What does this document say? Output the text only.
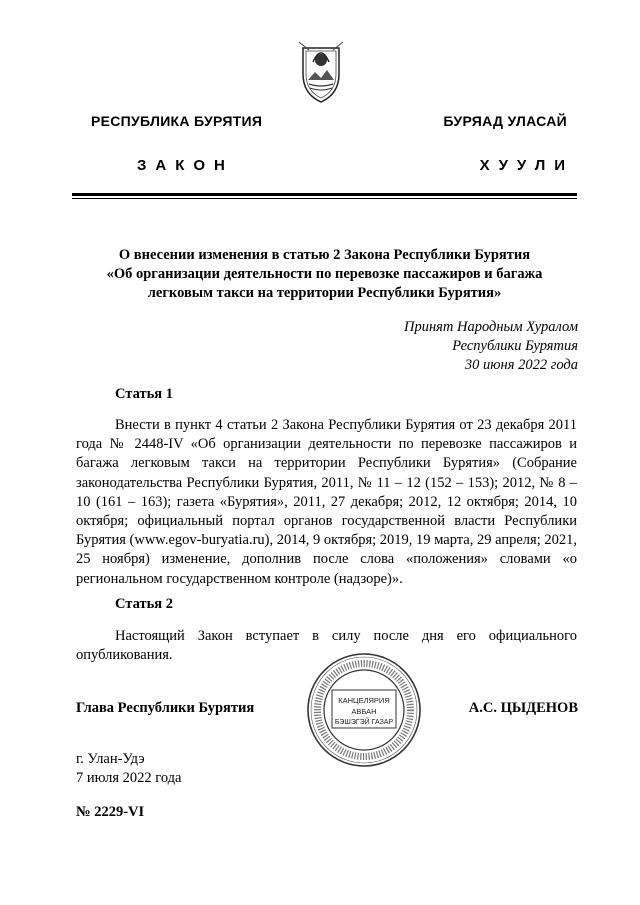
РЕСПУБЛИКА БУРЯТИЯ	БУРЯАД УЛАСАЙ
ЗАКОН	ХУУЛИ
О внесении изменения в статью 2 Закона Республики Бурятия
«Об организации деятельности по перевозке пассажиров и багажа
легковым такси на территории Республики Бурятия»
Принят Народным Хуралом
Республики Бурятия
30 июня 2022 года
Статья 1
Внести в пункт 4 статьи 2 Закона Республики Бурятия от 23 декабря 2011 года № 2448-IV «Об организации деятельности по перевозке пассажиров и багажа легковым такси на территории Республики Бурятия» (Собрание законодательства Республики Бурятия, 2011, № 11 – 12 (152 – 153); 2012, № 8 – 10 (161 – 163); газета «Бурятия», 2011, 27 декабря; 2012, 12 октября; 2014, 10 октября; официальный портал органов государственной власти Республики Бурятия (www.egov-buryatia.ru), 2014, 9 октября; 2019, 19 марта, 29 апреля; 2021, 25 ноября) изменение, дополнив после слова «положения» словами «о региональном государственном контроле (надзоре)».
Статья 2
Настоящий Закон вступает в силу после дня его официального опубликования.
Глава Республики Бурятия	А.С. ЦЫДЕНОВ
КАНЦЕЛЯРИЯ
АВБАН
БЭШЭГЭЙ ГАЗАР
г. Улан-Удэ
7 июля 2022 года
№ 2229-VI
